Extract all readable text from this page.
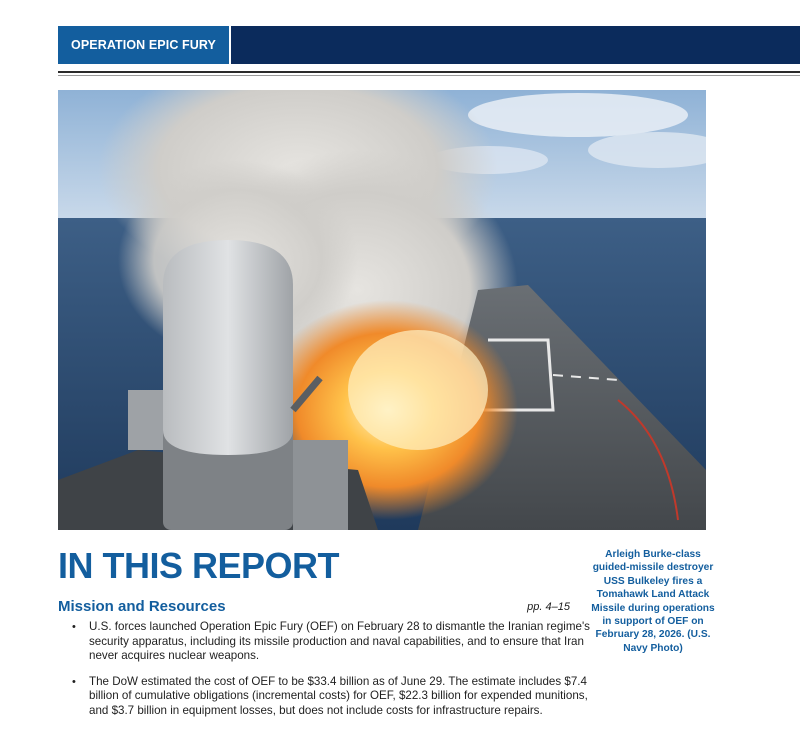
OPERATION EPIC FURY
Arleigh Burke-class guided-missile destroyer USS Bulkeley fires a Tomahawk Land Attack Missile during operations in support of OEF on February 28, 2026. (U.S. Navy Photo)
IN THIS REPORT
Mission and Resources	pp. 4–15
• U.S. forces launched Operation Epic Fury (OEF) on February 28 to dismantle the Iranian regime's security apparatus, including its missile production and naval capabilities, and to ensure that Iran never acquires nuclear weapons.
• The DoW estimated the cost of OEF to be $33.4 billion as of June 29. The estimate includes $7.4 billion of cumulative obligations (incremental costs) for OEF, $22.3 billion for expended munitions, and $3.7 billion in equipment losses, but does not include costs for infrastructure repairs.
